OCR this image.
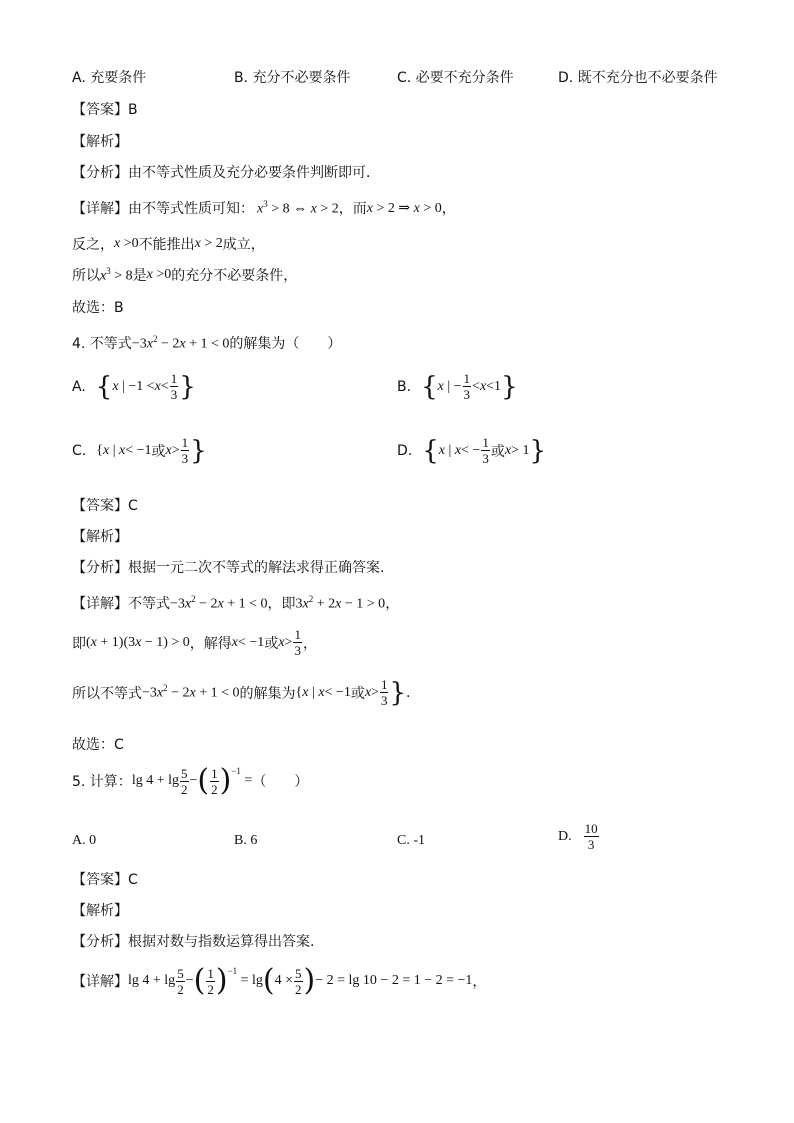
A. 充要条件	B. 充分不必要条件	C. 必要不充分条件	D. 既不充分也不必要条件
【答案】B
【解析】
【分析】由不等式性质及充分必要条件判断即可．
【详解】 由不等式性质可知： $x^3 > 8$ ⇔ x > 2 ，而 x > 2 ⇒ x > 0 ，
反之， x >0 不能推出 x > 2 成立，
所以 $x^3 > 8$ 是 x >0 的充分不必要条件，
故选：B
4. 不等式 $-3x^2 - 2x + 1 < 0$ 的解集为（　　）
A. { x | $-1 < x < \frac{1}{3}$ }	B. { x | − $\frac{1}{3} < x <1$ }
C. { x | x < −1 或 $x > \frac{1}{3}$ }	D. { x | x < − $\frac{1}{3}$ 或 x > 1 }
【答案】C
【解析】
【分析】根据一元二次不等式的解法求得正确答案.
【详解】 不等式 $-3x^2 - 2x + 1 < 0$ ，即 $3x^2 + 2x - 1 > 0$ ，
即 (x + 1)(3x − 1) > 0 ，解得 x < −1 或 $x > \frac{1}{3}$ ，
所以不等式 $-3x^2 - 2x + 1 < 0$ 的解集为 { x | x < −1 或 $x > \frac{1}{3}$ } .
故选：C
5. 计算： $\lg 4 + \lg \frac{5}{2}$ − ( $\frac{1}{2} )^{-1}$
= （　　）
A. 0	B. 6	C. -1	D. $\frac{10}{3}$
【答案】C
【解析】
【分析】根据对数与指数运算得出答案.
【详解】 $\lg 4 + \lg \frac{5}{2}$ − ( $\frac{1}{2} )^{-1}$
= lg ( $4 \times \frac{5}{2}$ ) − 2 = lg 10 − 2 = 1 − 2 = −1 ，
